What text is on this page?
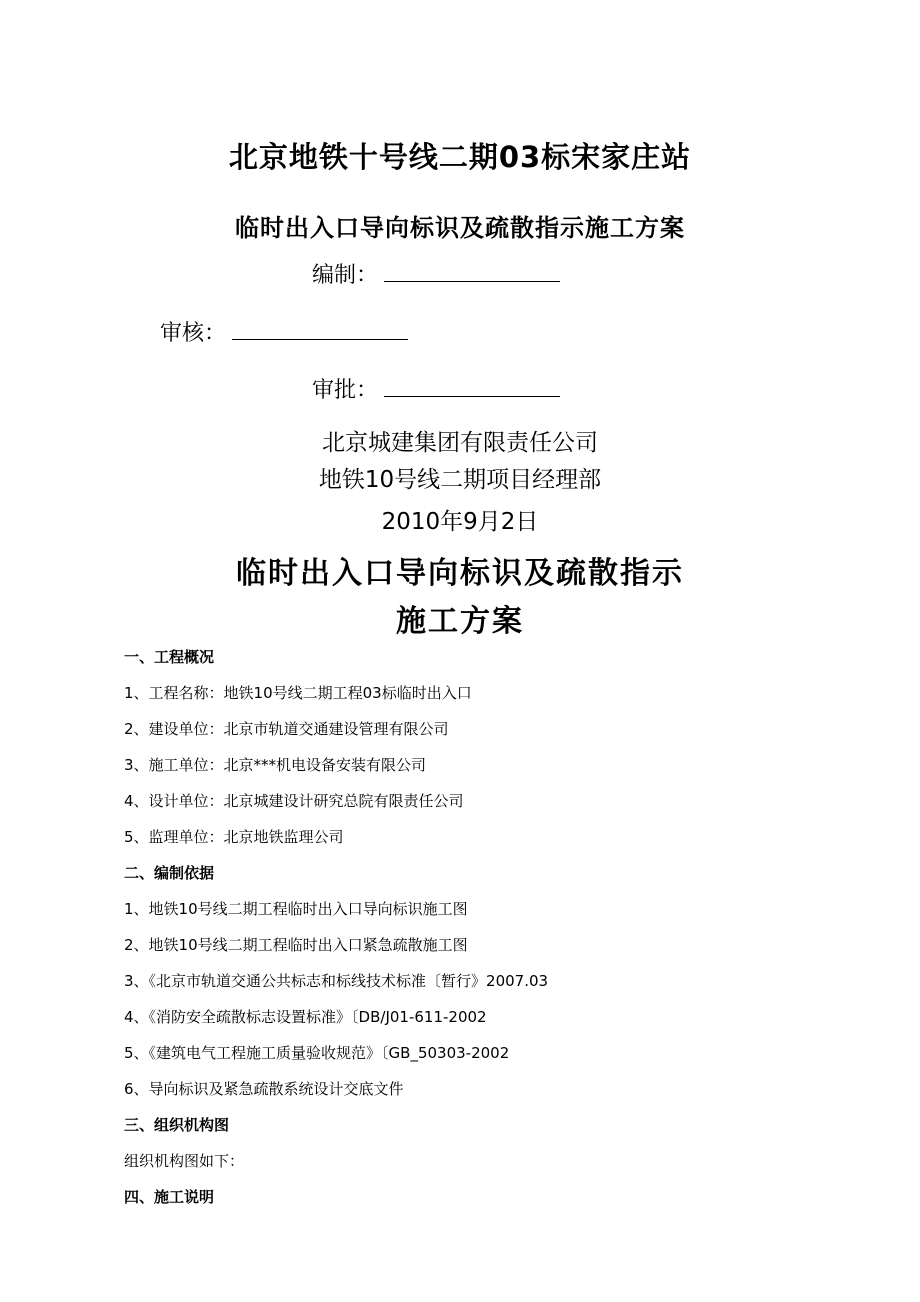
北京地铁十号线二期03标宋家庄站
临时出入口导向标识及疏散指示施工方案
编制：
审核：
审批：
北京城建集团有限责任公司
地铁10号线二期项目经理部
2010年9月2日
临时出入口导向标识及疏散指示
施工方案
一、工程概况
1、工程名称：地铁10号线二期工程03标临时出入口
2、建设单位：北京市轨道交通建设管理有限公司
3、施工单位：北京***机电设备安装有限公司
4、设计单位：北京城建设计研究总院有限责任公司
5、监理单位：北京地铁监理公司
二、编制依据
1、地铁10号线二期工程临时出入口导向标识施工图
2、地铁10号线二期工程临时出入口紧急疏散施工图
3、《北京市轨道交通公共标志和标线技术标准〔暂行》2007.03
4、《消防安全疏散标志设置标准》〔DB/J01-611-2002
5、《建筑电气工程施工质量验收规范》〔GB_50303-2002
6、导向标识及紧急疏散系统设计交底文件
三、组织机构图
组织机构图如下：
四、施工说明
